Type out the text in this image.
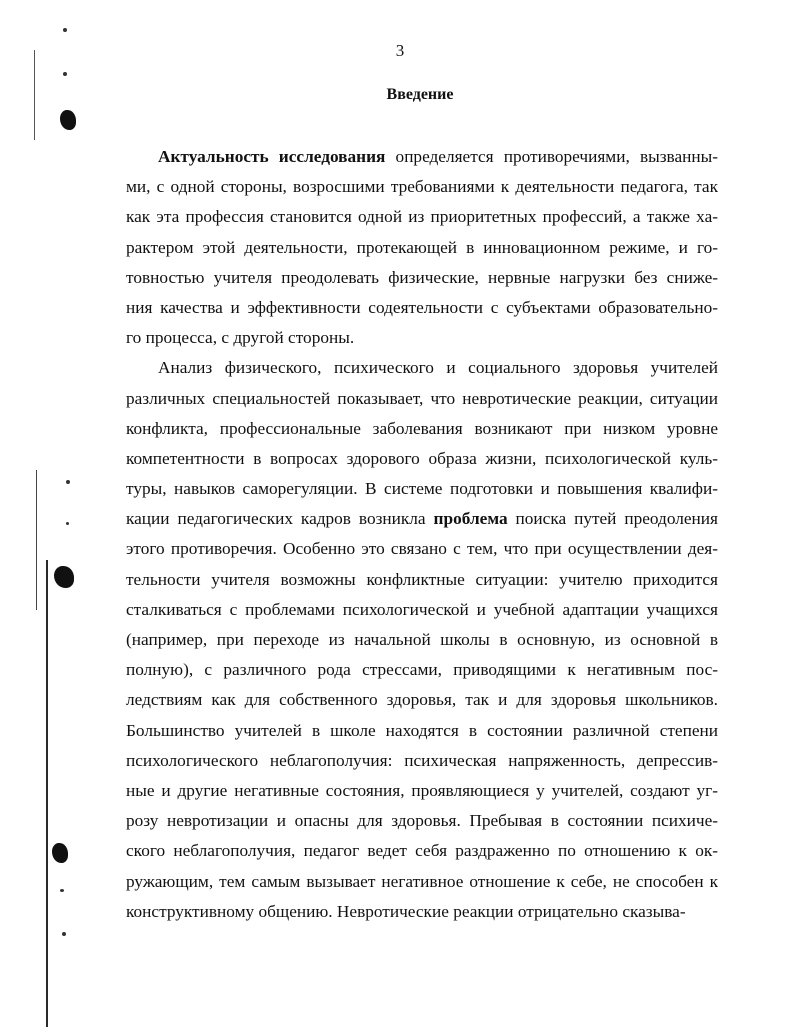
3
Введение
Актуальность исследования определяется противоречиями, вызванны-
ми, с одной стороны, возросшими требованиями к деятельности педагога, так
как эта профессия становится одной из приоритетных профессий, а также ха-
рактером этой деятельности, протекающей в инновационном режиме, и го-
товностью учителя преодолевать физические, нервные нагрузки без сниже-
ния качества и эффективности содеятельности с субъектами образовательно-
го процесса, с другой стороны.
Анализ физического, психического и социального здоровья учителей
различных специальностей показывает, что невротические реакции, ситуации
конфликта, профессиональные заболевания возникают при низком уровне
компетентности в вопросах здорового образа жизни, психологической куль-
туры, навыков саморегуляции. В системе подготовки и повышения квалифи-
кации педагогических кадров возникла проблема поиска путей преодоления
этого противоречия. Особенно это связано с тем, что при осуществлении дея-
тельности учителя возможны конфликтные ситуации: учителю приходится
сталкиваться с проблемами психологической и учебной адаптации учащихся
(например, при переходе из начальной школы в основную, из основной в
полную), с различного рода стрессами, приводящими к негативным пос-
ледствиям как для собственного здоровья, так и для здоровья школьников.
Большинство учителей в школе находятся в состоянии различной степени
психологического неблагополучия: психическая напряженность, депрессив-
ные и другие негативные состояния, проявляющиеся у учителей, создают уг-
розу невротизации и опасны для здоровья. Пребывая в состоянии психиче-
ского неблагополучия, педагог ведет себя раздраженно по отношению к ок-
ружающим, тем самым вызывает негативное отношение к себе, не способен к
конструктивному общению. Невротические реакции отрицательно сказыва-
